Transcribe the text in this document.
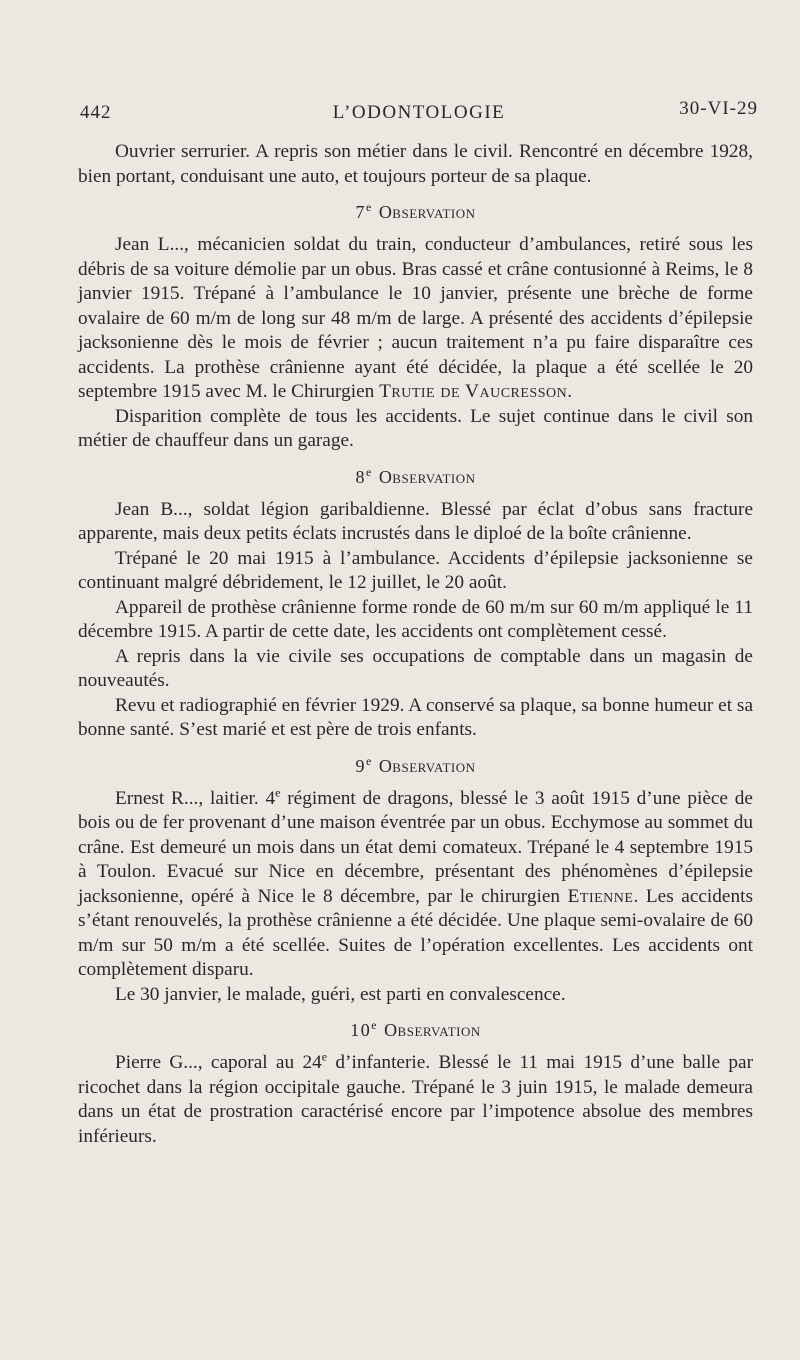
442	L’ODONTOLOGIE	30-VI-29

Ouvrier serrurier. A repris son métier dans le civil. Rencontré en décembre 1928, bien portant, conduisant une auto, et toujours porteur de sa plaque.

7e Observation

Jean L..., mécanicien soldat du train, conducteur d’ambulances, retiré sous les débris de sa voiture démolie par un obus. Bras cassé et crâne contusionné à Reims, le 8 janvier 1915. Trépané à l’ambulance le 10 janvier, présente une brèche de forme ovalaire de 60 m/m de long sur 48 m/m de large. A présenté des accidents d’épilepsie jacksonienne dès le mois de février ; aucun traitement n’a pu faire disparaître ces accidents. La prothèse crânienne ayant été décidée, la plaque a été scellée le 20 septembre 1915 avec M. le Chirurgien Trutie de Vaucresson.

Disparition complète de tous les accidents. Le sujet continue dans le civil son métier de chauffeur dans un garage.

8e Observation

Jean B..., soldat légion garibaldienne. Blessé par éclat d’obus sans fracture apparente, mais deux petits éclats incrustés dans le diploé de la boîte crânienne.

Trépané le 20 mai 1915 à l’ambulance. Accidents d’épilepsie jacksonienne se continuant malgré débridement, le 12 juillet, le 20 août.

Appareil de prothèse crânienne forme ronde de 60 m/m sur 60 m/m appliqué le 11 décembre 1915. A partir de cette date, les accidents ont complètement cessé.

A repris dans la vie civile ses occupations de comptable dans un magasin de nouveautés.

Revu et radiographié en février 1929. A conservé sa plaque, sa bonne humeur et sa bonne santé. S’est marié et est père de trois enfants.

9e Observation

Ernest R..., laitier. 4e régiment de dragons, blessé le 3 août 1915 d’une pièce de bois ou de fer provenant d’une maison éventrée par un obus. Ecchymose au sommet du crâne. Est demeuré un mois dans un état demi comateux. Trépané le 4 septembre 1915 à Toulon. Evacué sur Nice en décembre, présentant des phénomènes d’épilepsie jacksonienne, opéré à Nice le 8 décembre, par le chirurgien Etienne. Les accidents s’étant renouvelés, la prothèse crânienne a été décidée. Une plaque semi-ovalaire de 60 m/m sur 50 m/m a été scellée. Suites de l’opération excellentes. Les accidents ont complètement disparu.

Le 30 janvier, le malade, guéri, est parti en convalescence.

10e Observation

Pierre G..., caporal au 24e d’infanterie. Blessé le 11 mai 1915 d’une balle par ricochet dans la région occipitale gauche. Trépané le 3 juin 1915, le malade demeura dans un état de prostration caractérisé encore par l’impotence absolue des membres inférieurs.
